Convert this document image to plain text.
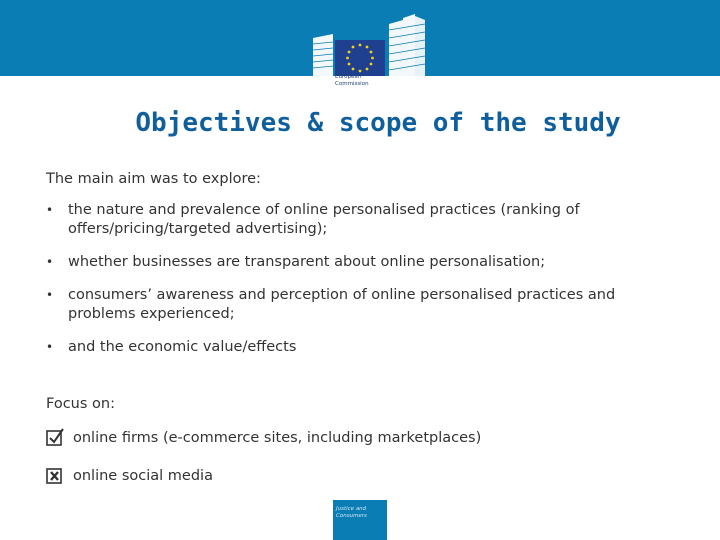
European
Commission
Objectives & scope of the study
The main aim was to explore:
• the nature and prevalence of online personalised practices (ranking of offers/pricing/targeted advertising);
• whether businesses are transparent about online personalisation;
• consumers’ awareness and perception of online personalised practices and problems experienced;
• and the economic value/effects
Focus on:
online firms (e-commerce sites, including marketplaces)
online social media
Justice and
Consumers
